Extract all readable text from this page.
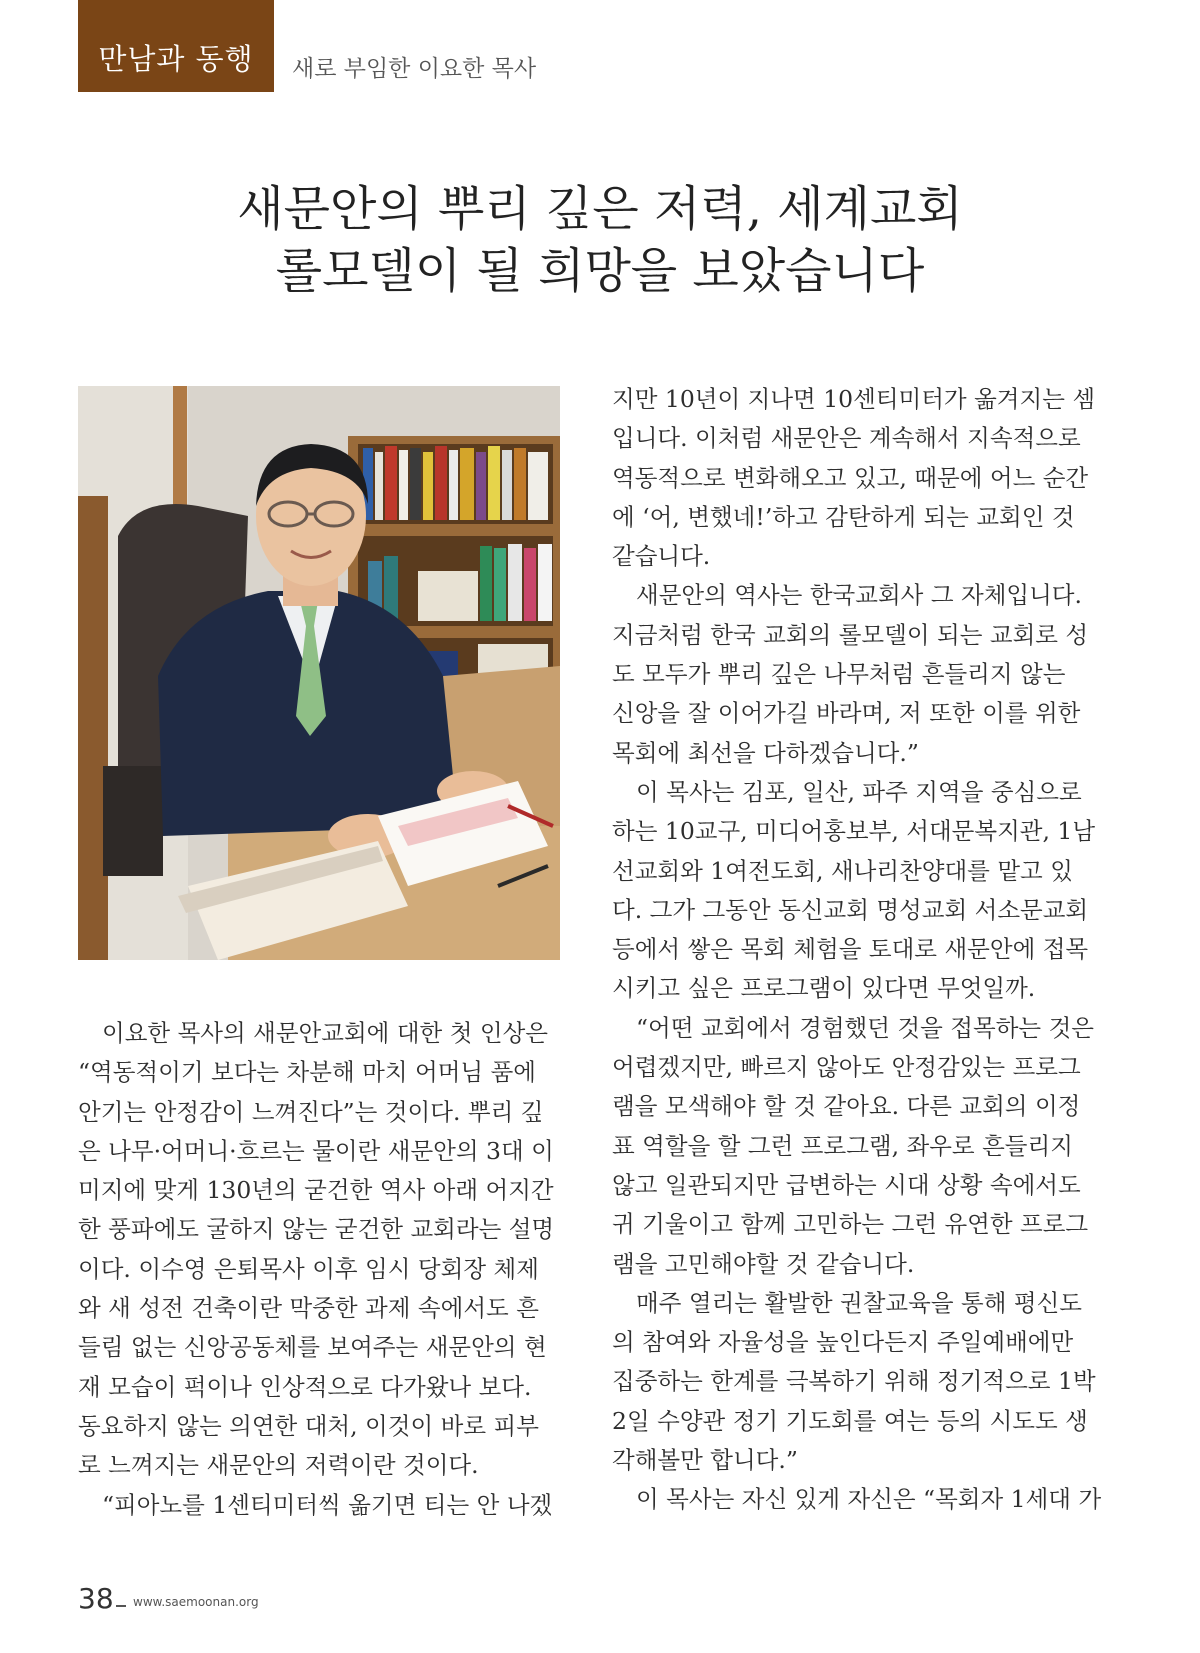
만남과 동행	새로 부임한 이요한 목사
새문안의 뿌리 깊은 저력, 세계교회
롤모델이 될 희망을 보았습니다
이요한 목사의 새문안교회에 대한 첫 인상은
“역동적이기 보다는 차분해 마치 어머님 품에
안기는 안정감이 느껴진다”는 것이다. 뿌리 깊
은 나무·어머니·흐르는 물이란 새문안의 3대 이
미지에 맞게 130년의 굳건한 역사 아래 어지간
한 풍파에도 굴하지 않는 굳건한 교회라는 설명
이다. 이수영 은퇴목사 이후 임시 당회장 체제
와 새 성전 건축이란 막중한 과제 속에서도 흔
들림 없는 신앙공동체를 보여주는 새문안의 현
재 모습이 퍽이나 인상적으로 다가왔나 보다.
동요하지 않는 의연한 대처, 이것이 바로 피부
로 느껴지는 새문안의 저력이란 것이다.
“피아노를 1센티미터씩 옮기면 티는 안 나겠
지만 10년이 지나면 10센티미터가 옮겨지는 셈
입니다. 이처럼 새문안은 계속해서 지속적으로
역동적으로 변화해오고 있고, 때문에 어느 순간
에 ‘어, 변했네!’하고 감탄하게 되는 교회인 것
같습니다.
새문안의 역사는 한국교회사 그 자체입니다.
지금처럼 한국 교회의 롤모델이 되는 교회로 성
도 모두가 뿌리 깊은 나무처럼 흔들리지 않는
신앙을 잘 이어가길 바라며, 저 또한 이를 위한
목회에 최선을 다하겠습니다.”
이 목사는 김포, 일산, 파주 지역을 중심으로
하는 10교구, 미디어홍보부, 서대문복지관, 1남
선교회와 1여전도회, 새나리찬양대를 맡고 있
다. 그가 그동안 동신교회 명성교회 서소문교회
등에서 쌓은 목회 체험을 토대로 새문안에 접목
시키고 싶은 프로그램이 있다면 무엇일까.
“어떤 교회에서 경험했던 것을 접목하는 것은
어렵겠지만, 빠르지 않아도 안정감있는 프로그
램을 모색해야 할 것 같아요. 다른 교회의 이정
표 역할을 할 그런 프로그램, 좌우로 흔들리지
않고 일관되지만 급변하는 시대 상황 속에서도
귀 기울이고 함께 고민하는 그런 유연한 프로그
램을 고민해야할 것 같습니다.
매주 열리는 활발한 권찰교육을 통해 평신도
의 참여와 자율성을 높인다든지 주일예배에만
집중하는 한계를 극복하기 위해 정기적으로 1박
2일 수양관 정기 기도회를 여는 등의 시도도 생
각해볼만 합니다.”
이 목사는 자신 있게 자신은 “목회자 1세대 가
38 www.saemoonan.org
